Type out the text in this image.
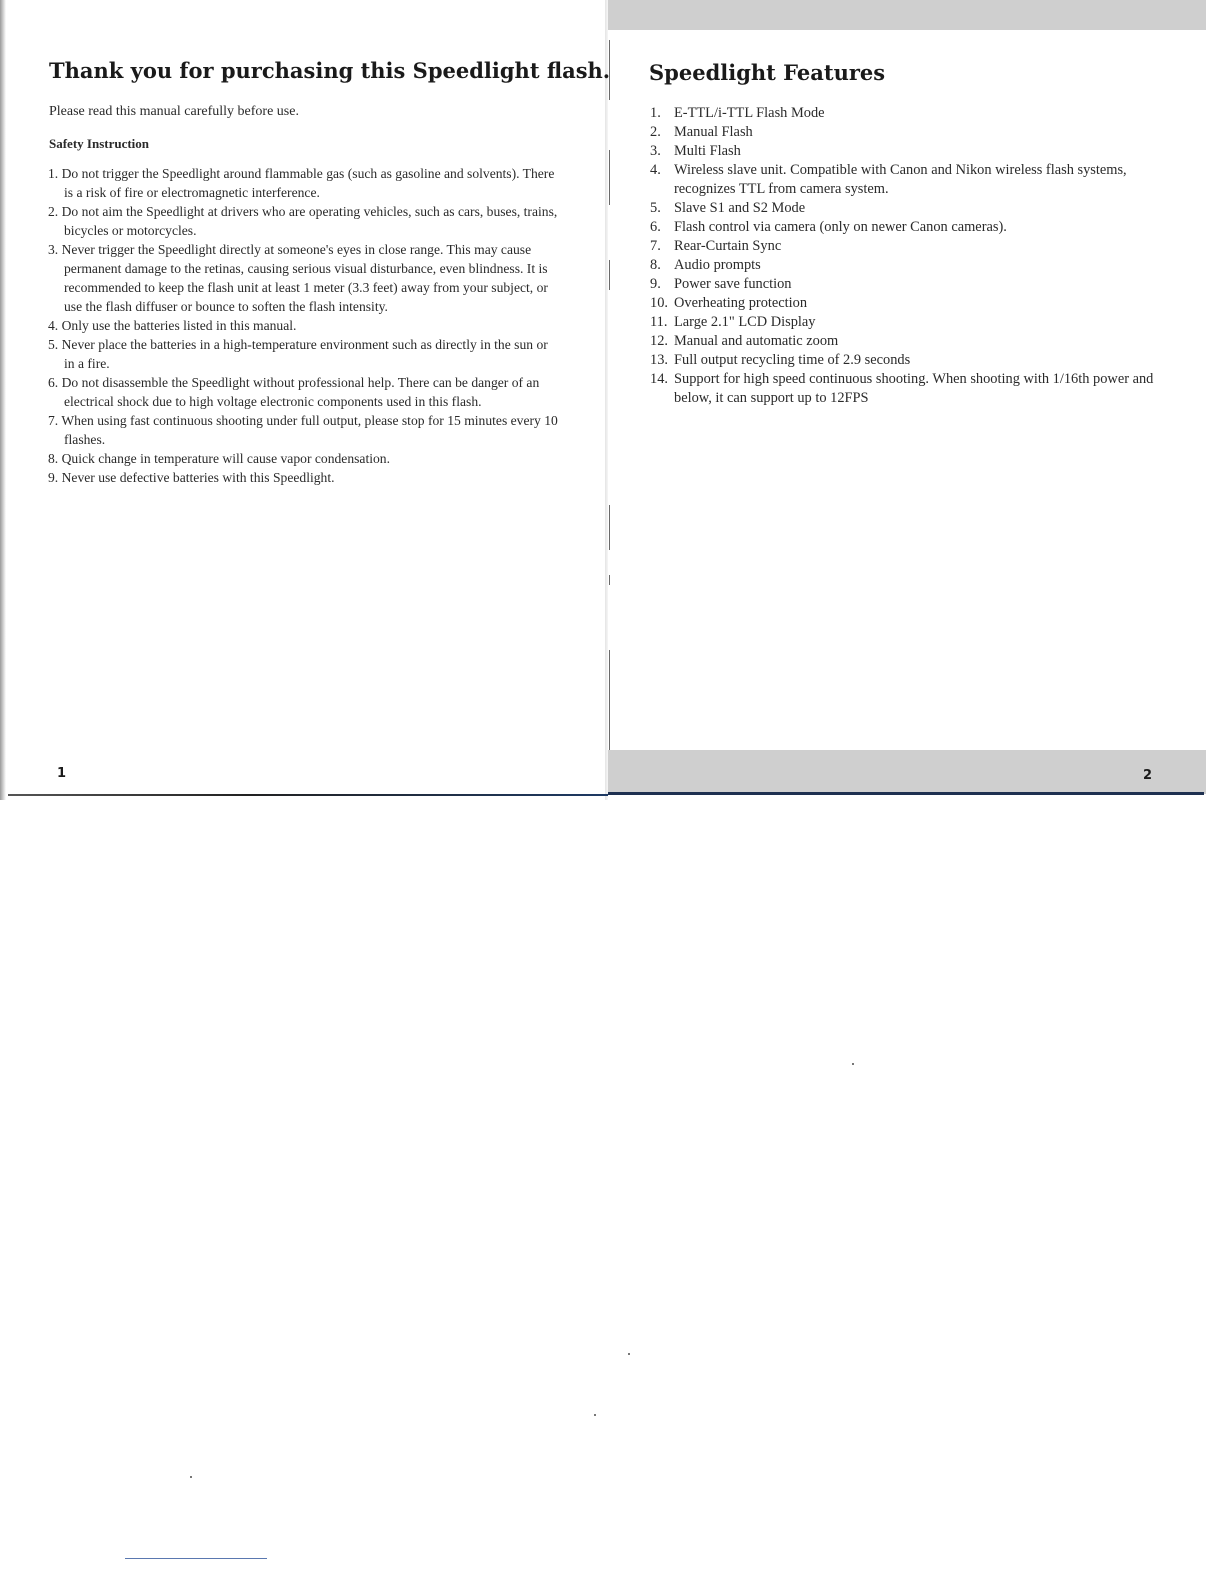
Thank you for purchasing this Speedlight flash.

Please read this manual carefully before use.

Safety Instruction

1. Do not trigger the Speedlight around flammable gas (such as gasoline and solvents). There is a risk of fire or electromagnetic interference.
2. Do not aim the Speedlight at drivers who are operating vehicles, such as cars, buses, trains, bicycles or motorcycles.
3. Never trigger the Speedlight directly at someone's eyes in close range. This may cause permanent damage to the retinas, causing serious visual disturbance, even blindness. It is recommended to keep the flash unit at least 1 meter (3.3 feet) away from your subject, or use the flash diffuser or bounce to soften the flash intensity.
4. Only use the batteries listed in this manual.
5. Never place the batteries in a high-temperature environment such as directly in the sun or in a fire.
6. Do not disassemble the Speedlight without professional help. There can be danger of an electrical shock due to high voltage electronic components used in this flash.
7. When using fast continuous shooting under full output, please stop for 15 minutes every 10 flashes.
8. Quick change in temperature will cause vapor condensation.
9. Never use defective batteries with this Speedlight.
1
Speedlight Features
1. E-TTL/i-TTL Flash Mode
2. Manual Flash
3. Multi Flash
4. Wireless slave unit. Compatible with Canon and Nikon wireless flash systems, recognizes TTL from camera system.
5. Slave S1 and S2 Mode
6. Flash control via camera (only on newer Canon cameras).
7. Rear-Curtain Sync
8. Audio prompts
9. Power save function
10. Overheating protection
11. Large 2.1" LCD Display
12. Manual and automatic zoom
13. Full output recycling time of 2.9 seconds
14. Support for high speed continuous shooting. When shooting with 1/16th power and below, it can support up to 12FPS
2
